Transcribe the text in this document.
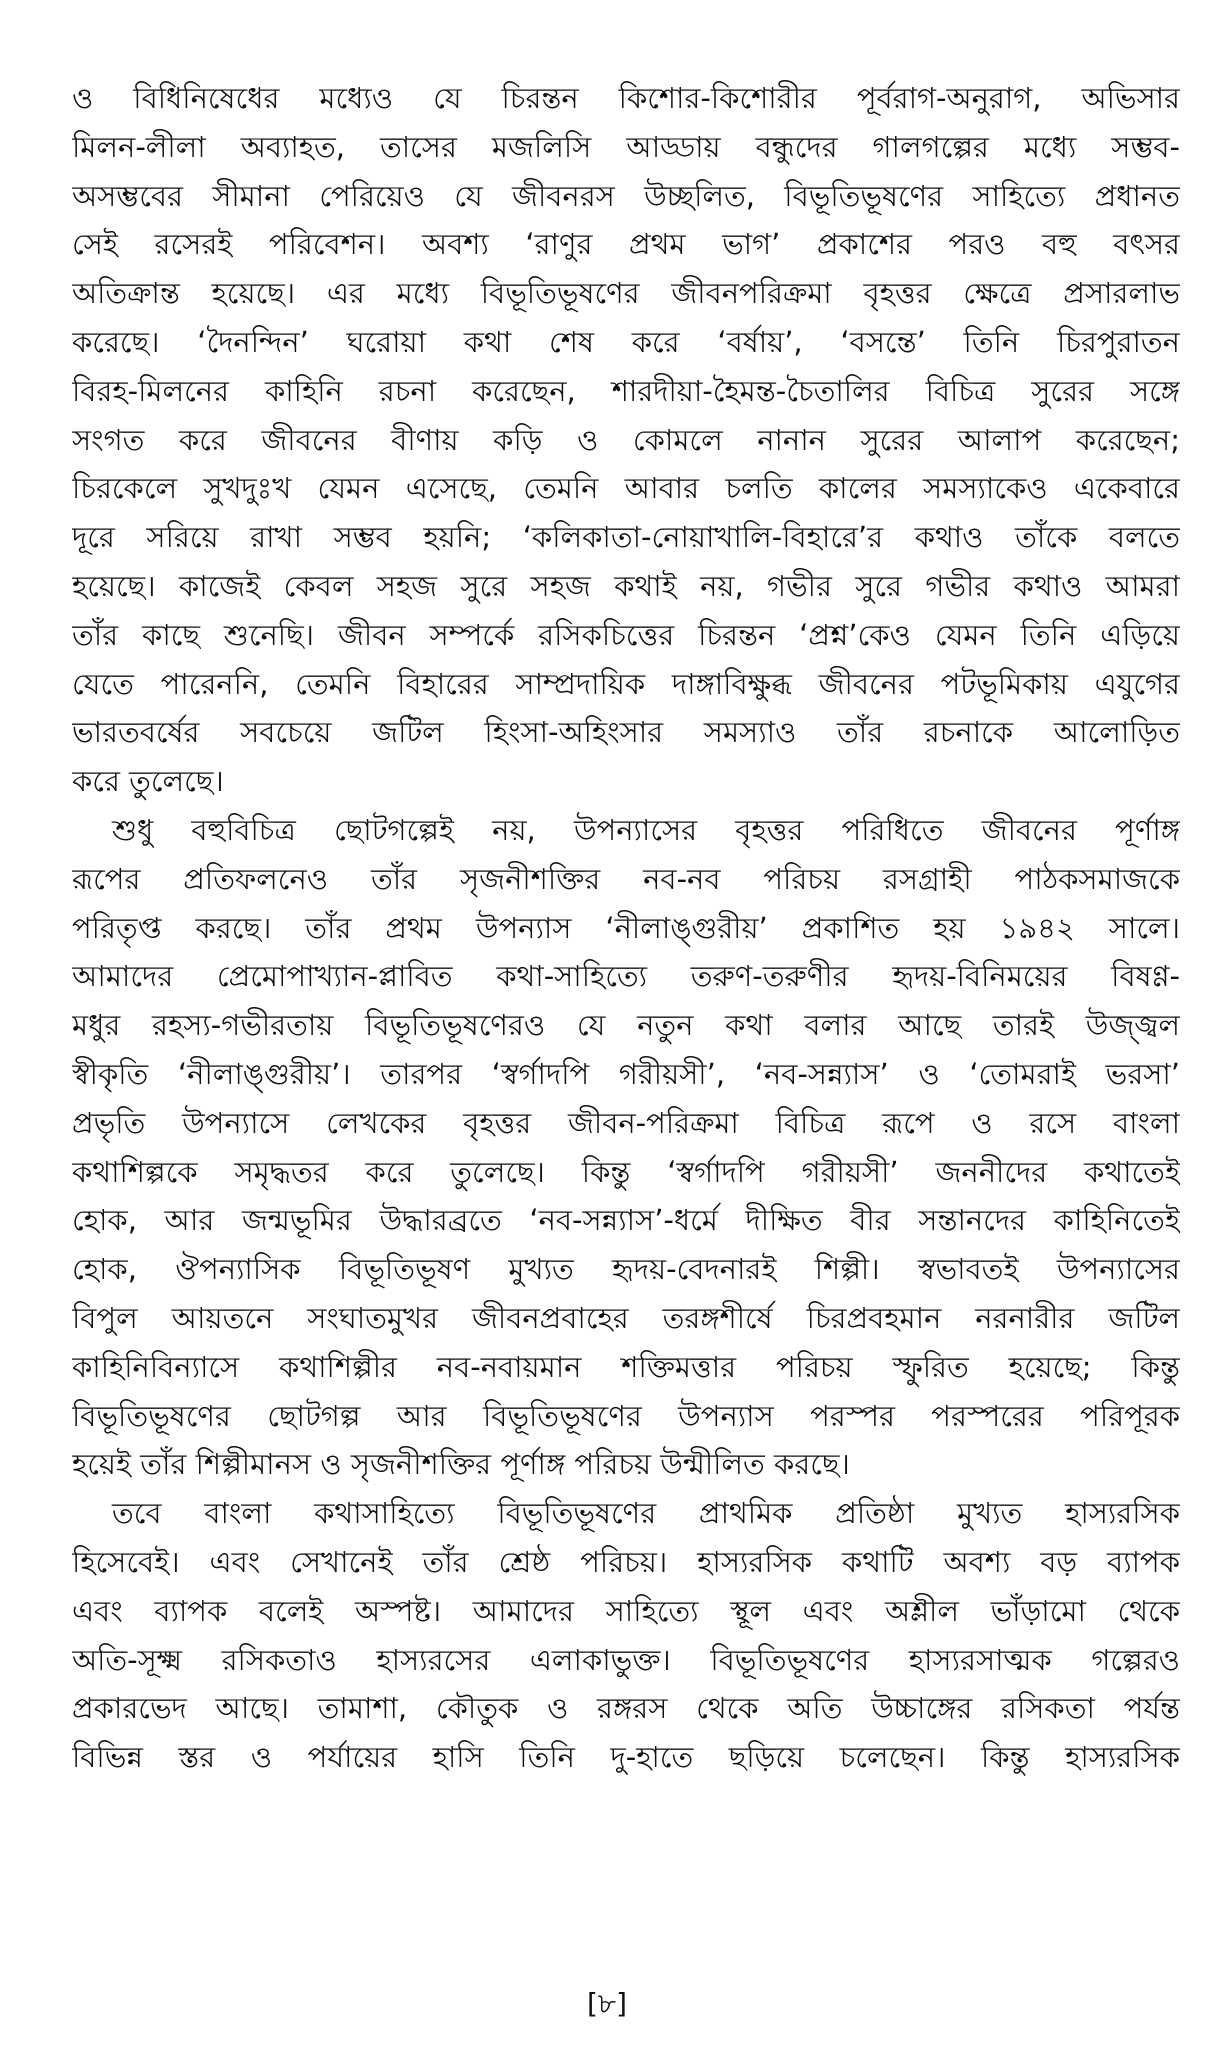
ও বিধিনিষেধের মধ্যেও যে চিরন্তন কিশোর-কিশোরীর পূর্বরাগ-অনুরাগ, অভিসার
মিলন-লীলা অব্যাহত, তাসের মজলিসি আড্ডায় বন্ধুদের গালগল্পের মধ্যে সম্ভব-
অসম্ভবের সীমানা পেরিয়েও যে জীবনরস উচ্ছলিত, বিভূতিভূষণের সাহিত্যে প্রধানত
সেই রসেরই পরিবেশন। অবশ্য ‘রাণুর প্রথম ভাগ’ প্রকাশের পরও বহু বৎসর
অতিক্রান্ত হয়েছে। এর মধ্যে বিভূতিভূষণের জীবনপরিক্রমা বৃহত্তর ক্ষেত্রে প্রসারলাভ
করেছে। ‘দৈনন্দিন’ ঘরোয়া কথা শেষ করে ‘বর্ষায়’, ‘বসন্তে’ তিনি চিরপুরাতন
বিরহ-মিলনের কাহিনি রচনা করেছেন, শারদীয়া-হৈমন্ত-চৈতালির বিচিত্র সুরের সঙ্গে
সংগত করে জীবনের বীণায় কড়ি ও কোমলে নানান সুরের আলাপ করেছেন;
চিরকেলে সুখদুঃখ যেমন এসেছে, তেমনি আবার চলতি কালের সমস্যাকেও একেবারে
দূরে সরিয়ে রাখা সম্ভব হয়নি; ‘কলিকাতা-নোয়াখালি-বিহারে’র কথাও তাঁকে বলতে
হয়েছে। কাজেই কেবল সহজ সুরে সহজ কথাই নয়, গভীর সুরে গভীর কথাও আমরা
তাঁর কাছে শুনেছি। জীবন সম্পর্কে রসিকচিত্তের চিরন্তন ‘প্রশ্ন’কেও যেমন তিনি এড়িয়ে
যেতে পারেননি, তেমনি বিহারের সাম্প্রদায়িক দাঙ্গাবিক্ষুব্ধ জীবনের পটভূমিকায় এযুগের
ভারতবর্ষের সবচেয়ে জটিল হিংসা-অহিংসার সমস্যাও তাঁর রচনাকে আলোড়িত
করে তুলেছে।
শুধু বহুবিচিত্র ছোটগল্পেই নয়, উপন্যাসের বৃহত্তর পরিধিতে জীবনের পূর্ণাঙ্গ
রূপের প্রতিফলনেও তাঁর সৃজনীশক্তির নব-নব পরিচয় রসগ্রাহী পাঠকসমাজকে
পরিতৃপ্ত করছে। তাঁর প্রথম উপন্যাস ‘নীলাঙ্গুরীয়’ প্রকাশিত হয় ১৯৪২ সালে।
আমাদের প্রেমোপাখ্যান-প্লাবিত কথা-সাহিত্যে তরুণ-তরুণীর হৃদয়-বিনিময়ের বিষণ্ণ-
মধুর রহস্য-গভীরতায় বিভূতিভূষণেরও যে নতুন কথা বলার আছে তারই উজ্জ্বল
স্বীকৃতি ‘নীলাঙ্গুরীয়’। তারপর ‘স্বর্গাদপি গরীয়সী’, ‘নব-সন্ন্যাস’ ও ‘তোমরাই ভরসা’
প্রভৃতি উপন্যাসে লেখকের বৃহত্তর জীবন-পরিক্রমা বিচিত্র রূপে ও রসে বাংলা
কথাশিল্পকে সমৃদ্ধতর করে তুলেছে। কিন্তু ‘স্বর্গাদপি গরীয়সী’ জননীদের কথাতেই
হোক, আর জন্মভূমির উদ্ধারব্রতে ‘নব-সন্ন্যাস’-ধর্মে দীক্ষিত বীর সন্তানদের কাহিনিতেই
হোক, ঔপন্যাসিক বিভূতিভূষণ মুখ্যত হৃদয়-বেদনারই শিল্পী। স্বভাবতই উপন্যাসের
বিপুল আয়তনে সংঘাতমুখর জীবনপ্রবাহের তরঙ্গশীর্ষে চিরপ্রবহমান নরনারীর জটিল
কাহিনিবিন্যাসে কথাশিল্পীর নব-নবায়মান শক্তিমত্তার পরিচয় স্ফুরিত হয়েছে; কিন্তু
বিভূতিভূষণের ছোটগল্প আর বিভূতিভূষণের উপন্যাস পরস্পর পরস্পরের পরিপূরক
হয়েই তাঁর শিল্পীমানস ও সৃজনীশক্তির পূর্ণাঙ্গ পরিচয় উন্মীলিত করছে।
তবে বাংলা কথাসাহিত্যে বিভূতিভূষণের প্রাথমিক প্রতিষ্ঠা মুখ্যত হাস্যরসিক
হিসেবেই। এবং সেখানেই তাঁর শ্রেষ্ঠ পরিচয়। হাস্যরসিক কথাটি অবশ্য বড় ব্যাপক
এবং ব্যাপক বলেই অস্পষ্ট। আমাদের সাহিত্যে স্থূল এবং অশ্লীল ভাঁড়ামো থেকে
অতি-সূক্ষ্ম রসিকতাও হাস্যরসের এলাকাভুক্ত। বিভূতিভূষণের হাস্যরসাত্মক গল্পেরও
প্রকারভেদ আছে। তামাশা, কৌতুক ও রঙ্গরস থেকে অতি উচ্চাঙ্গের রসিকতা পর্যন্ত
বিভিন্ন স্তর ও পর্যায়ের হাসি তিনি দু-হাতে ছড়িয়ে চলেছেন। কিন্তু হাস্যরসিক
[৮]
